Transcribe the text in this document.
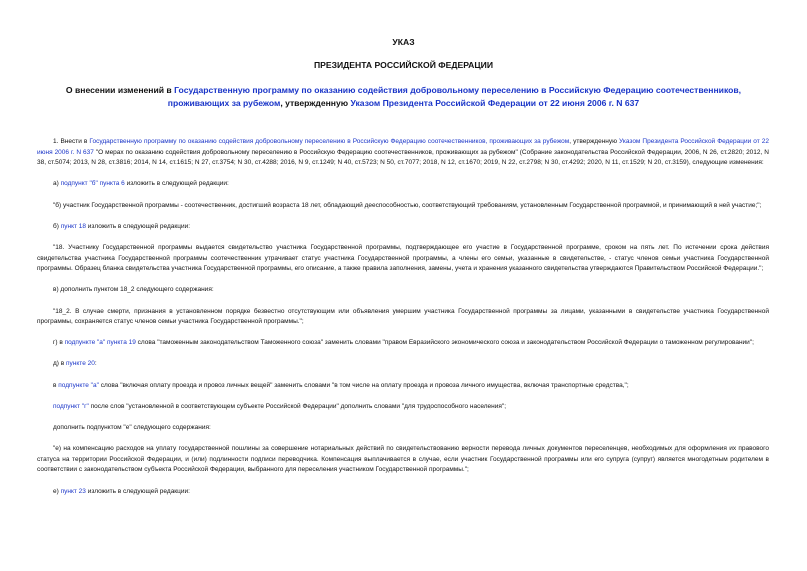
УКАЗ
ПРЕЗИДЕНТА РОССИЙСКОЙ ФЕДЕРАЦИИ
О внесении изменений в Государственную программу по оказанию содействия добровольному переселению в Российскую Федерацию соотечественников, проживающих за рубежом, утвержденную Указом Президента Российской Федерации от 22 июня 2006 г. N 637

1. Внести в Государственную программу по оказанию содействия добровольному переселению в Российскую Федерацию соотечественников, проживающих за рубежом, утвержденную Указом Президента Российской Федерации от 22 июня 2006 г. N 637 "О мерах по оказанию содействия добровольному переселению в Российскую Федерацию соотечественников, проживающих за рубежом" (Собрание законодательства Российской Федерации, 2006, N 26, ст.2820; 2012, N 38, ст.5074; 2013, N 28, ст.3816; 2014, N 14, ст.1615; N 27, ст.3754; N 30, ст.4288; 2016, N 9, ст.1249; N 40, ст.5723; N 50, ст.7077; 2018, N 12, ст.1670; 2019, N 22, ст.2798; N 30, ст.4292; 2020, N 11, ст.1529; N 20, ст.3159), следующие изменения:

а) подпункт "б" пункта 6 изложить в следующей редакции:

"б) участник Государственной программы - соотечественник, достигший возраста 18 лет, обладающий дееспособностью, соответствующий требованиям, установленным Государственной программой, и принимающий в ней участие;";

б) пункт 18 изложить в следующей редакции:

"18. Участнику Государственной программы выдается свидетельство участника Государственной программы, подтверждающее его участие в Государственной программе, сроком на пять лет. По истечении срока действия свидетельства участника Государственной программы соотечественник утрачивает статус участника Государственной программы, а члены его семьи, указанные в свидетельстве, - статус членов семьи участника Государственной программы. Образец бланка свидетельства участника Государственной программы, его описание, а также правила заполнения, замены, учета и хранения указанного свидетельства утверждаются Правительством Российской Федерации.";

в) дополнить пунктом 18_2 следующего содержания:

"18_2. В случае смерти, признания в установленном порядке безвестно отсутствующим или объявления умершим участника Государственной программы за лицами, указанными в свидетельстве участника Государственной программы, сохраняется статус членов семьи участника Государственной программы.";

г) в подпункте "а" пункта 19 слова "таможенным законодательством Таможенного союза" заменить словами "правом Евразийского экономического союза и законодательством Российской Федерации о таможенном регулировании";

д) в пункте 20:

в подпункте "а" слова "включая оплату проезда и провоз личных вещей" заменить словами "в том числе на оплату проезда и провоза личного имущества, включая транспортные средства,";

подпункт "г" после слов "установленной в соответствующем субъекте Российской Федерации" дополнить словами "для трудоспособного населения";

дополнить подпунктом "е" следующего содержания:

"е) на компенсацию расходов на уплату государственной пошлины за совершение нотариальных действий по свидетельствованию верности перевода личных документов переселенцев, необходимых для оформления их правового статуса на территории Российской Федерации, и (или) подлинности подписи переводчика. Компенсация выплачивается в случае, если участник Государственной программы или его супруга (супруг) является многодетным родителем в соответствии с законодательством субъекта Российской Федерации, выбранного для переселения участником Государственной программы.";

е) пункт 23 изложить в следующей редакции:
